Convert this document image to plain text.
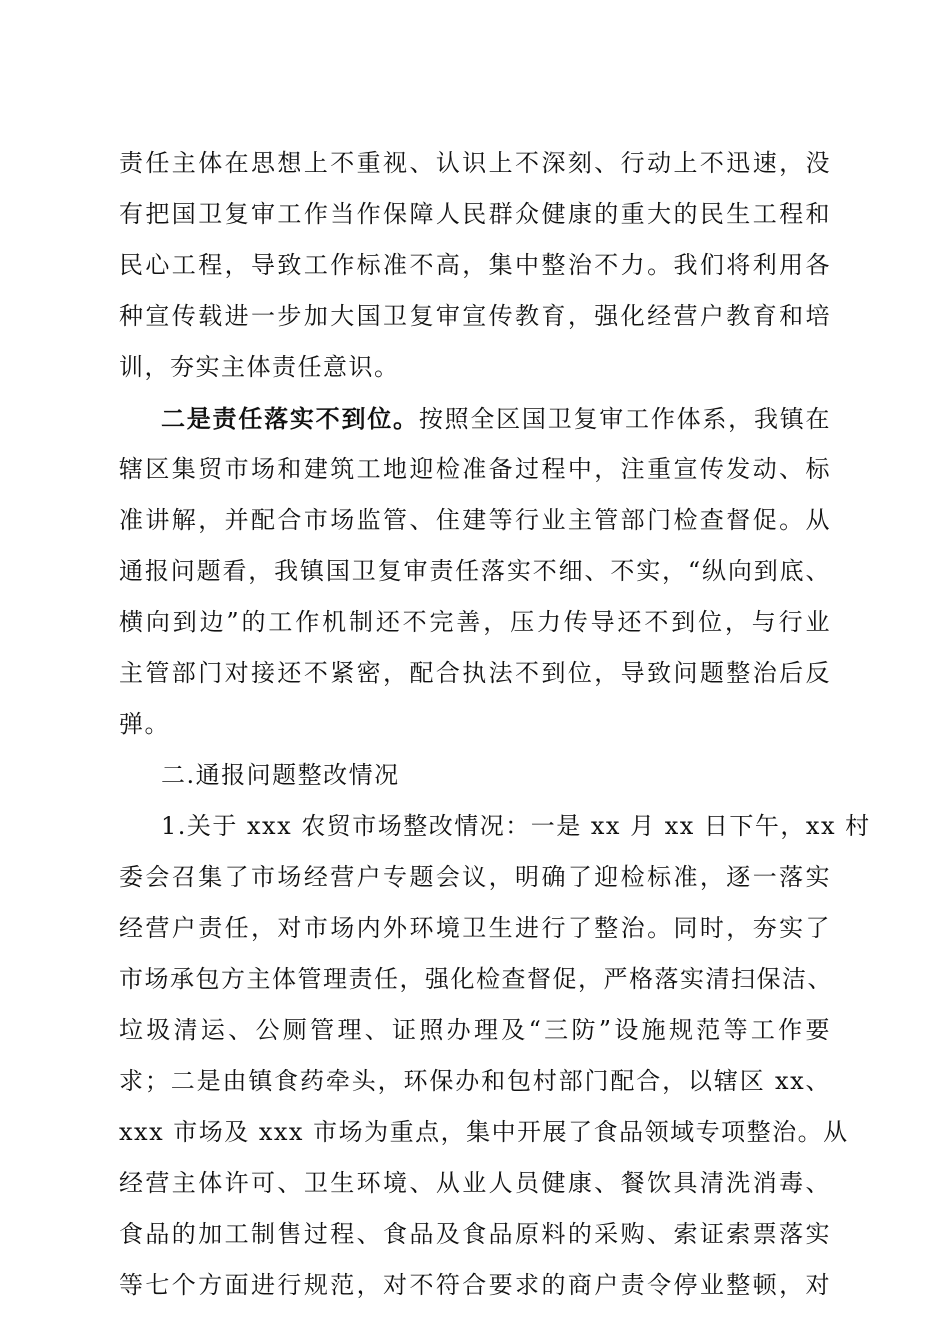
责任主体在思想上不重视、认识上不深刻、行动上不迅速，没
有把国卫复审工作当作保障人民群众健康的重大的民生工程和
民心工程，导致工作标准不高，集中整治不力。我们将利用各
种宣传载进一步加大国卫复审宣传教育，强化经营户教育和培
训，夯实主体责任意识。
二是责任落实不到位。按照全区国卫复审工作体系，我镇在
辖区集贸市场和建筑工地迎检准备过程中，注重宣传发动、标
准讲解，并配合市场监管、住建等行业主管部门检查督促。从
通报问题看，我镇国卫复审责任落实不细、不实，“纵向到底、
横向到边”的工作机制还不完善，压力传导还不到位，与行业
主管部门对接还不紧密，配合执法不到位，导致问题整治后反
弹。
二.通报问题整改情况
1.关于 xxx 农贸市场整改情况：一是 xx 月 xx 日下午，xx 村
委会召集了市场经营户专题会议，明确了迎检标准，逐一落实
经营户责任，对市场内外环境卫生进行了整治。同时，夯实了
市场承包方主体管理责任，强化检查督促，严格落实清扫保洁、
垃圾清运、公厕管理、证照办理及“三防”设施规范等工作要
求；二是由镇食药牵头，环保办和包村部门配合，以辖区 xx、
xxx 市场及 xxx 市场为重点，集中开展了食品领域专项整治。从
经营主体许可、卫生环境、从业人员健康、餐饮具清洗消毒、
食品的加工制售过程、食品及食品原料的采购、索证索票落实
等七个方面进行规范，对不符合要求的商户责令停业整顿，对
